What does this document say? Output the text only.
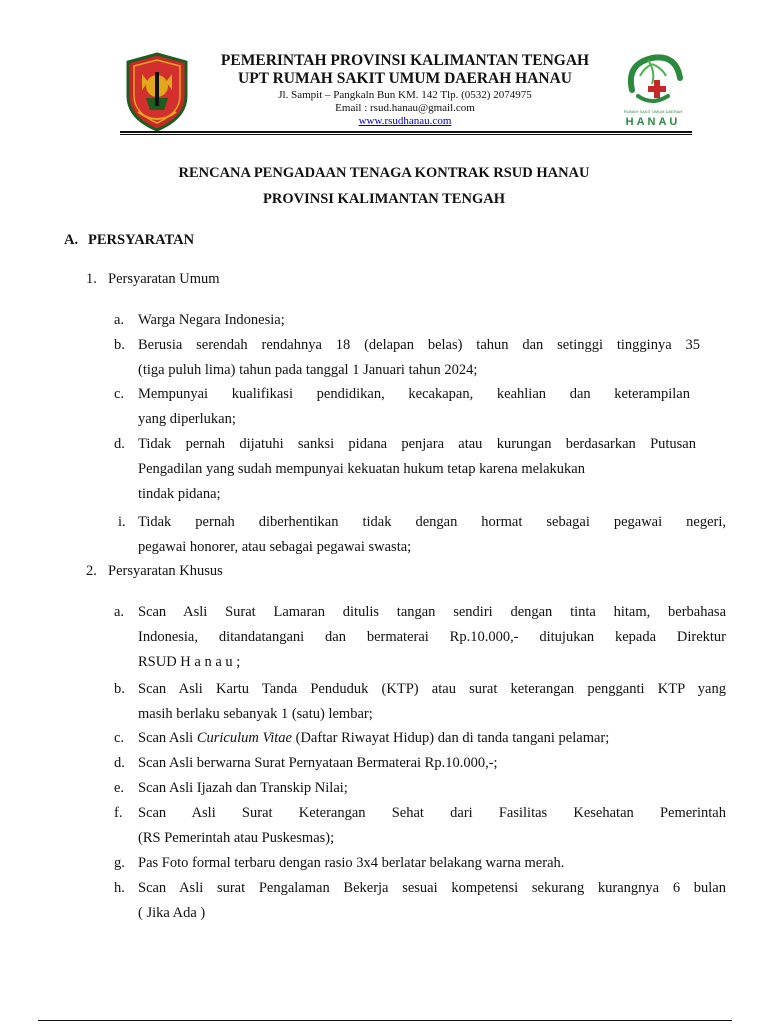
PEMERINTAH PROVINSI KALIMANTAN TENGAH
UPT RUMAH SAKIT UMUM DAERAH HANAU
Jl. Sampit – Pangkaln Bun KM. 142 Tlp. (0532) 2074975
Email : rsud.hanau@gmail.com
www.rsudhanau.com
RUMAH SAKIT UMUM DAERAH
HANAU
RENCANA PENGADAAN TENAGA KONTRAK RSUD HANAU
PROVINSI KALIMANTAN TENGAH
A. PERSYARATAN
1. Persyaratan Umum
a. Warga Negara Indonesia;
b. Berusia serendah rendahnya 18 (delapan belas) tahun dan setinggi tingginya 35
(tiga puluh lima) tahun pada tanggal 1 Januari tahun 2024;
c. Mempunyai kualifikasi pendidikan, kecakapan, keahlian dan keterampilan
yang diperlukan;
d. Tidak pernah dijatuhi sanksi pidana penjara atau kurungan berdasarkan Putusan
Pengadilan yang sudah mempunyai kekuatan hukum tetap karena melakukan
tindak pidana;
i. Tidak pernah diberhentikan tidak dengan hormat sebagai pegawai negeri,
pegawai honorer, atau sebagai pegawai swasta;
2. Persyaratan Khusus
a. Scan Asli Surat Lamaran ditulis tangan sendiri dengan tinta hitam, berbahasa
Indonesia, ditandatangani dan bermaterai Rp.10.000,- ditujukan kepada Direktur
RSUD H a n a u ;
b. Scan Asli Kartu Tanda Penduduk (KTP) atau surat keterangan pengganti KTP yang
masih berlaku sebanyak 1 (satu) lembar;
c. Scan Asli Curiculum Vitae (Daftar Riwayat Hidup) dan di tanda tangani pelamar;
d. Scan Asli berwarna Surat Pernyataan Bermaterai Rp.10.000,-;
e. Scan Asli Ijazah dan Transkip Nilai;
f.	Scan Asli Surat Keterangan Sehat dari Fasilitas Kesehatan Pemerintah
(RS Pemerintah atau Puskesmas);
g. Pas Foto formal terbaru dengan rasio 3x4 berlatar belakang warna merah.
h. Scan Asli surat Pengalaman Bekerja sesuai kompetensi sekurang kurangnya 6 bulan
( Jika Ada )
